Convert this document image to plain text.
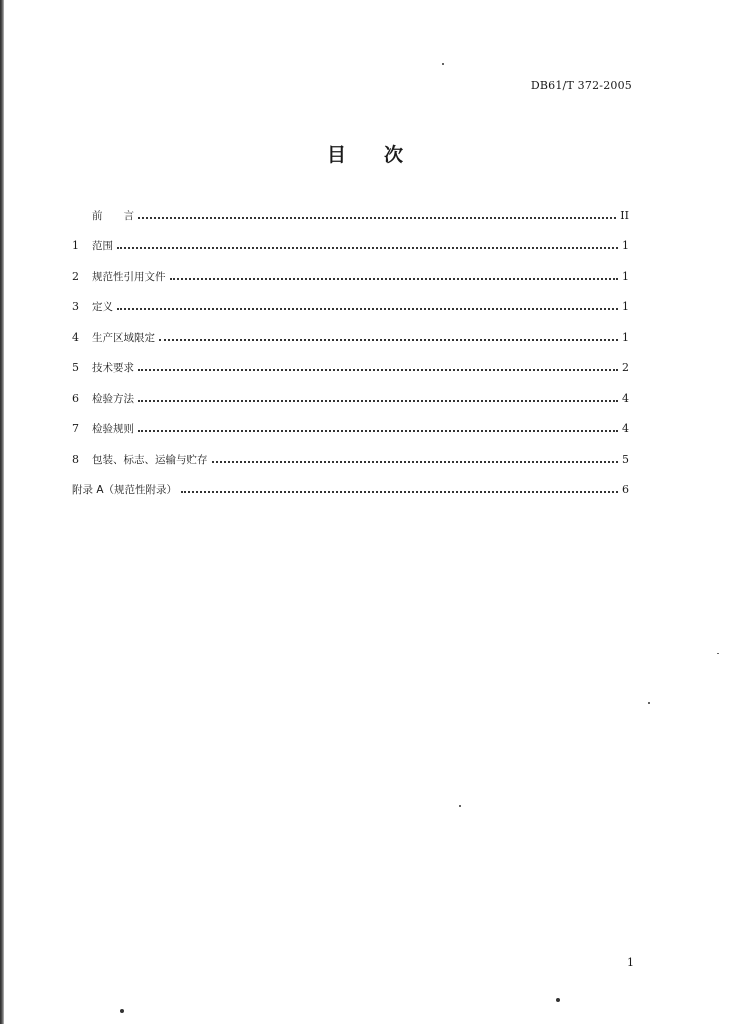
DB61/T 372-2005
目 次
前　　言	II
1	范围	1
2	规范性引用文件	1
3	定义	1
4	生产区域限定	1
5	技术要求	2
6	检验方法	4
7	检验规则	4
8	包装、标志、运输与贮存	5
附录 A（规范性附录）	6
1
